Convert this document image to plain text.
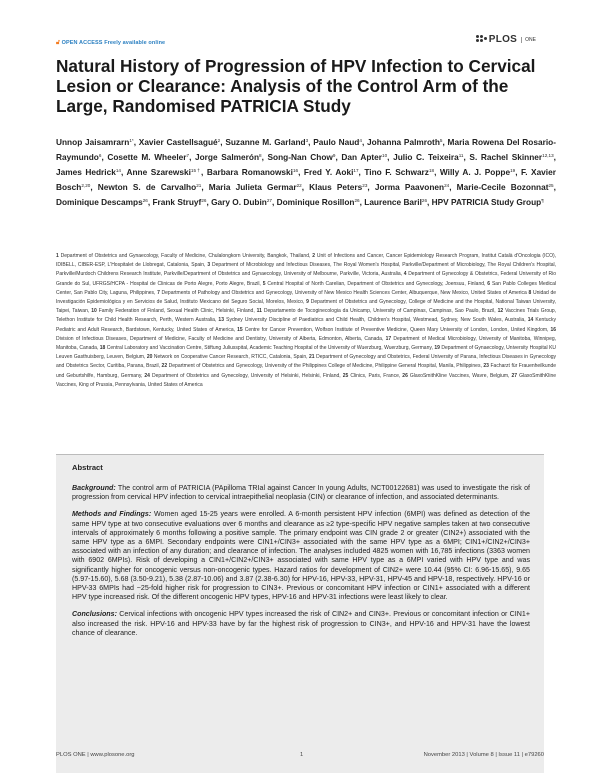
🔓︎ OPEN ACCESS Freely available online	PLOS	ONE
Natural History of Progression of HPV Infection to Cervical Lesion or Clearance: Analysis of the Control Arm of the Large, Randomised PATRICIA Study
Unnop Jaisamrarn$^{1*}$, Xavier Castellsagué$^2$, Suzanne M. Garland$^3$, Paulo Naud$^4$, Johanna Palmroth$^5$, Maria Rowena Del Rosario-Raymundo$^6$, Cosette M. Wheeler$^7$, Jorge Salmerón$^8$, Song-Nan Chow$^9$, Dan Apter$^{10}$, Julio C. Teixeira$^{11}$, S. Rachel Skinner$^{12,13}$, James Hedrick$^{14}$, Anne Szarewski$^{15\dagger}$, Barbara Romanowski$^{16}$, Fred Y. Aoki$^{17}$, Tino F. Schwarz$^{18}$, Willy A. J. Poppe$^{19}$, F. Xavier Bosch$^{2,20}$, Newton S. de Carvalho$^{21}$, Maria Julieta Germar$^{22}$, Klaus Peters$^{23}$, Jorma Paavonen$^{24}$, Marie-Cecile Bozonnat$^{25}$, Dominique Descamps$^{26}$, Frank Struyf$^{26}$, Gary O. Dubin$^{27}$, Dominique Rosillon$^{26}$, Laurence Baril$^{26}$, HPV PATRICIA Study Group¶
1 Department of Obstetrics and Gynaecology, Faculty of Medicine, Chulalongkorn University, Bangkok, Thailand, 2 Unit of Infections and Cancer, Cancer Epidemiology Research Program, Institut Català d'Oncologia (ICO), IDIBELL, CIBER-ESP, L'Hospitalet de Llobregat, Catalonia, Spain, 3 Department of Microbiology and Infectious Diseases, The Royal Women's Hospital, Parkville/Department of Microbiology, The Royal Children's Hospital, Parkville/Murdoch Childrens Research Institute, Parkville/Department of Obstetrics and Gynaecology, University of Melbourne, Parkville, Victoria, Australia, 4 Department of Gynecology & Obstetrics, Federal University of Rio Grande do Sul, UFRGS/HCPA - Hospital de Clinicas de Porto Alegre, Porto Alegre, Brazil, 5 Central Hospital of North Carelian, Department of Obstetrics and Gynecology, Joensuu, Finland, 6 San Pablo Colleges Medical Center, San Pablo City, Laguna, Philippines, 7 Departments of Pathology and Obstetrics and Gynecology, University of New Mexico Health Sciences Center, Albuquerque, New Mexico, United States of America 8 Unidad de Investigación Epidemiológica y en Servicios de Salud, Instituto Mexicano del Seguro Social, Morelos, Mexico, 9 Department of Obstetrics and Gynecology, College of Medicine and the Hospital, National Taiwan University, Taipei, Taiwan, 10 Family Federation of Finland, Sexual Health Clinic, Helsinki, Finland, 11 Departamento de Tocoginecologia da Unicamp, University of Campinas, Campinas, Sao Paulo, Brazil, 12 Vaccines Trials Group, Telethon Institute for Child Health Research, Perth, Western Australia, 13 Sydney University Discipline of Paediatrics and Child Health, Children's Hospital, Westmead, Sydney, New South Wales, Australia, 14 Kentucky Pediatric and Adult Research, Bardstown, Kentucky, United States of America, 15 Centre for Cancer Prevention, Wolfson Institute of Preventive Medicine, Queen Mary University of London, London, United Kingdom, 16 Division of Infectious Diseases, Department of Medicine, Faculty of Medicine and Dentistry, University of Alberta, Edmonton, Alberta, Canada, 17 Department of Medical Microbiology, University of Manitoba, Winnipeg, Manitoba, Canada, 18 Central Laboratory and Vaccination Centre, Stiftung Juliusspital, Academic Teaching Hospital of the University of Wuerzburg, Wuerzburg, Germany, 19 Department of Gynaecology, University Hospital KU Leuven Gasthuisberg, Leuven, Belgium, 20 Network on Cooperative Cancer Research, RTICC, Catalonia, Spain, 21 Department of Gynecology and Obstetrics, Federal University of Parana, Infectious Diseases in Gynecology and Obstetrics Sector, Curitiba, Parana, Brazil, 22 Department of Obstetrics and Gynecology, University of the Philippines College of Medicine, Philippine General Hospital, Manila, Philippines, 23 Facharzt für Frauenheilkunde und Geburtshilfe, Hamburg, Germany, 24 Department of Obstetrics and Gynecology, University of Helsinki, Helsinki, Finland, 25 Clinics, Paris, France, 26 GlaxoSmithKline Vaccines, Wavre, Belgium, 27 GlaxoSmithKline Vaccines, King of Prussia, Pennsylvania, United States of America
Abstract

Background: The control arm of PATRICIA (PApilloma TRIal against Cancer In young Adults, NCT00122681) was used to investigate the risk of progression from cervical HPV infection to cervical intraepithelial neoplasia (CIN) or clearance of infection, and associated determinants.

Methods and Findings: Women aged 15-25 years were enrolled. A 6-month persistent HPV infection (6MPI) was defined as detection of the same HPV type at two consecutive evaluations over 6 months and clearance as ≥2 type-specific HPV negative samples taken at two consecutive intervals of approximately 6 months following a positive sample. The primary endpoint was CIN grade 2 or greater (CIN2+) associated with the same HPV type as a 6MPI. Secondary endpoints were CIN1+/CIN3+ associated with the same HPV type as a 6MPI; CIN1+/CIN2+/CIN3+ associated with an infection of any duration; and clearance of infection. The analyses included 4825 women with 16,785 infections (3363 women with 6902 6MPIs). Risk of developing a CIN1+/CIN2+/CIN3+ associated with same HPV type as a 6MPI varied with HPV type and was significantly higher for oncogenic versus non-oncogenic types. Hazard ratios for development of CIN2+ were 10.44 (95% CI: 6.96-15.65), 9.65 (5.97-15.60), 5.68 (3.50-9.21), 5.38 (2.87-10.06) and 3.87 (2.38-6.30) for HPV-16, HPV-33, HPV-31, HPV-45 and HPV-18, respectively. HPV-16 or HPV-33 6MPIs had ~25-fold higher risk for progression to CIN3+. Previous or concomitant HPV infection or CIN1+ associated with a different HPV type increased risk. Of the different oncogenic HPV types, HPV-16 and HPV-31 infections were least likely to clear.

Conclusions: Cervical infections with oncogenic HPV types increased the risk of CIN2+ and CIN3+. Previous or concomitant infection or CIN1+ also increased the risk. HPV-16 and HPV-33 have by far the highest risk of progression to CIN3+, and HPV-16 and HPV-31 have the lowest chance of clearance.

PLOS ONE | www.plosone.org	1	November 2013 | Volume 8 | Issue 11 | e79260
